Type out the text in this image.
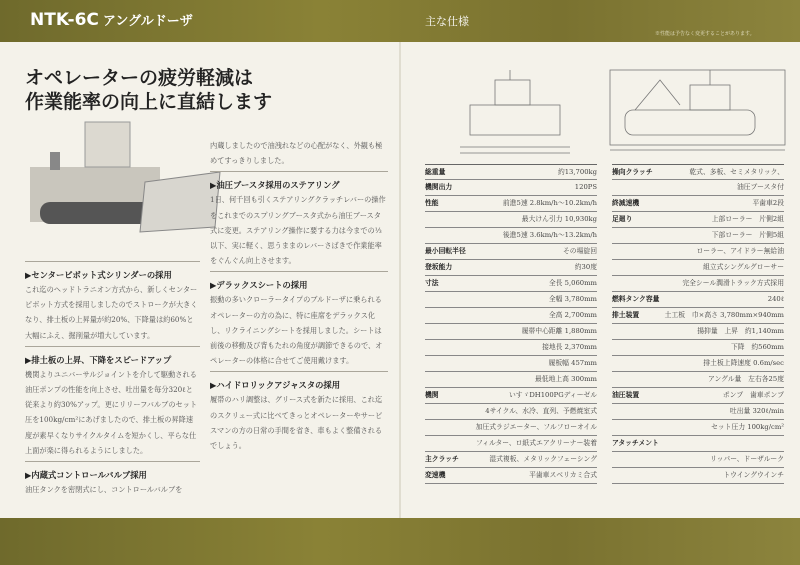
NTK-6C アングルドーザ	主な仕様
※性能は予告なく変更することがあります。
オペレーターの疲労軽減は
作業能率の向上に直結します
▶センターピボット式シリンダーの採用

これ迄のヘッドトラニオン方式から、新しくセンターピボット方式を採用しましたのでストロークが大きくなり、排土板の上昇量が約20%、下降量は約60%と大幅にふえ、掘削量が増大しています。

▶排土板の上昇、下降をスピードアップ

機関よりユニバーサルジョイントを介して駆動される油圧ポンプの性能を向上させ、吐出量を毎分320ℓと従来より約30%アップ。更にリリーフバルブのセット圧を100kg/cm²にあげましたので、排土板の昇降速度が素早くなりサイクルタイムを短かくし、平らな仕上面が楽に得られるようにしました。

▶内蔵式コントロールバルブ採用

油圧タンクを密閉式にし、コントロールバルブを

内蔵しましたので油洩れなどの心配がなく、外観も極めてすっきりしました。

▶油圧ブースタ採用のステアリング

1日、何千回も引くステアリングクラッチレバーの操作をこれまでのスプリングブースタ式から油圧ブースタ式に変更。ステアリング操作に要する力は今までの⅓以下、実に軽く、思うままのレバーさばきで作業能率をぐんぐん向上させます。

▶デラックスシートの採用

振動の多いクローラータイプのブルドーザに乗られるオペレーターの方の為に、特に座席をデラックス化し、リクライニングシートを採用しました。シートは前後の移動及び背もたれの角度が調節できるので、オペレーターの体格に合せてご使用戴けます。

▶ハイドロリックアジャスタの採用

履帯のハリ調整は、グリース式を新たに採用、これ迄のスクリュー式に比べてきっとオペレーターやサービスマンの方の日常の手間を省き、車もよく整備されるでしょう。

総重量	約13,700kg
機関出力	120PS
性能	前進5速 2.8km/h〜10.2km/h
最大けん引力 10,930kg
後進5速 3.6km/h〜13.2km/h
最小回転半径	その場旋回
登坂能力	約30度
寸法	全長 5,060mm
全幅 3,780mm
全高 2,700mm
履帯中心距離 1,880mm
接地長 2,370mm
履板幅 457mm
最低地上高 300mm
機関	いすゞDH100PGディーゼル
4サイクル、水冷、直列、予燃焼室式
加圧式ラジエーター、フルフローオイル
フィルター、ロ紙式エアクリーナー装着
主クラッチ	湿式複板、メタリックフェーシング
変速機	平歯車スベリカミ合式
操向クラッチ	乾式、多板、セミメタリック、
油圧ブースタ付
終減速機	平歯車2段
足廻り	上部ローラー　片側2組
下部ローラー　片側5組
ローラー、アイドラー無給油
組立式シングルグローサー
完全シール潤滑トラック方式採用
燃料タンク容量	240ℓ
排土装置	土工板　巾×高さ 3,780mm×940mm
揚抑量　上昇　約1,140mm
下降　約560mm
排土板上降速度 0.6m/sec
アングル量　左右各25度
油圧装置	ポンプ　歯車ポンプ
吐出量 320ℓ/min
セット圧力 100kg/cm²
アタッチメント
リッパー、ドーザルーク
トウイングウインチ
